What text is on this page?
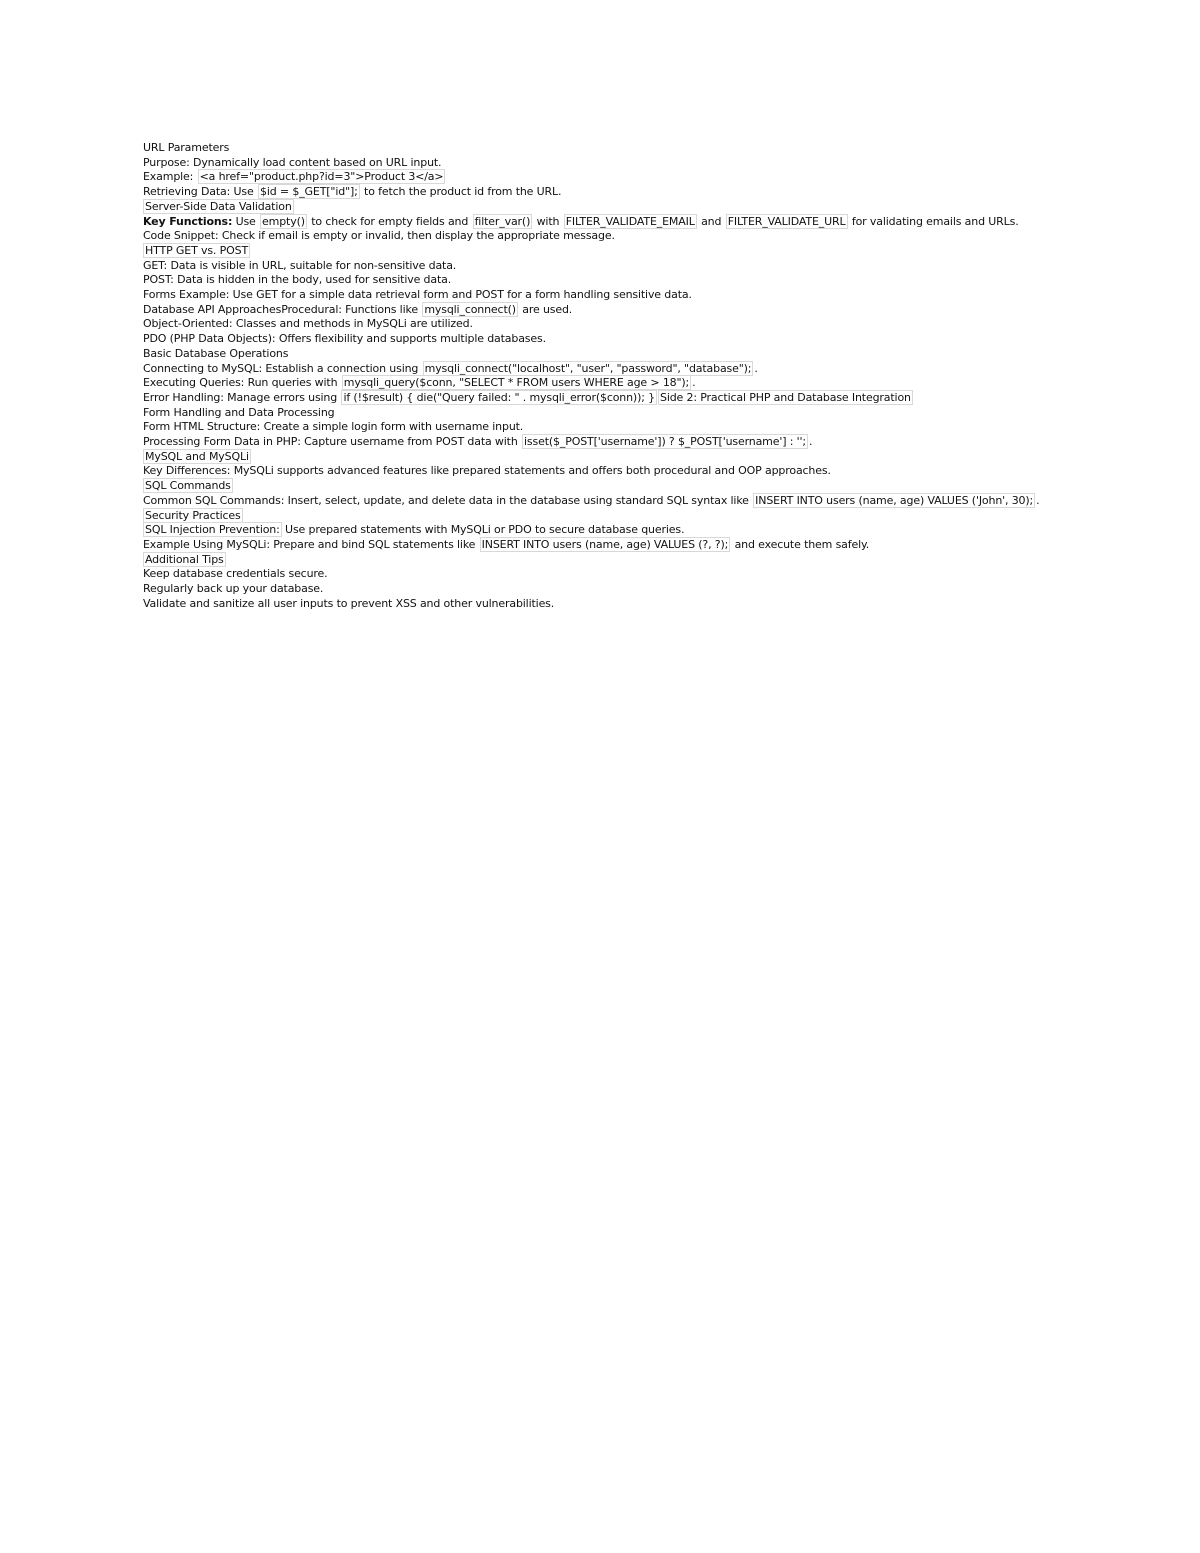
URL Parameters
Purpose: Dynamically load content based on URL input.
Example: <a href="product.php?id=3">Product 3</a>
Retrieving Data: Use $id = $_GET["id"]; to fetch the product id from the URL.
Server-Side Data Validation
Key Functions: Use empty() to check for empty fields and filter_var() with FILTER_VALIDATE_EMAIL and FILTER_VALIDATE_URL for validating emails and URLs.
Code Snippet: Check if email is empty or invalid, then display the appropriate message.
HTTP GET vs. POST
GET: Data is visible in URL, suitable for non-sensitive data.
POST: Data is hidden in the body, used for sensitive data.
Forms Example: Use GET for a simple data retrieval form and POST for a form handling sensitive data.
Database API ApproachesProcedural: Functions like mysqli_connect() are used.
Object-Oriented: Classes and methods in MySQLi are utilized.
PDO (PHP Data Objects): Offers flexibility and supports multiple databases.
Basic Database Operations
Connecting to MySQL: Establish a connection using mysqli_connect("localhost", "user", "password", "database"); .
Executing Queries: Run queries with mysqli_query($conn, "SELECT * FROM users WHERE age > 18"); .
Error Handling: Manage errors using if (!$result) { die("Query failed: " . mysqli_error($conn)); } Side 2: Practical PHP and Database Integration
Form Handling and Data Processing
Form HTML Structure: Create a simple login form with username input.
Processing Form Data in PHP: Capture username from POST data with isset($_POST['username']) ? $_POST['username'] : ''; .
MySQL and MySQLi
Key Differences: MySQLi supports advanced features like prepared statements and offers both procedural and OOP approaches.
SQL Commands
Common SQL Commands: Insert, select, update, and delete data in the database using standard SQL syntax like INSERT INTO users (name, age) VALUES ('John', 30); .
Security Practices
SQL Injection Prevention: Use prepared statements with MySQLi or PDO to secure database queries.
Example Using MySQLi: Prepare and bind SQL statements like INSERT INTO users (name, age) VALUES (?, ?); and execute them safely.
Additional Tips
Keep database credentials secure.
Regularly back up your database.
Validate and sanitize all user inputs to prevent XSS and other vulnerabilities.
